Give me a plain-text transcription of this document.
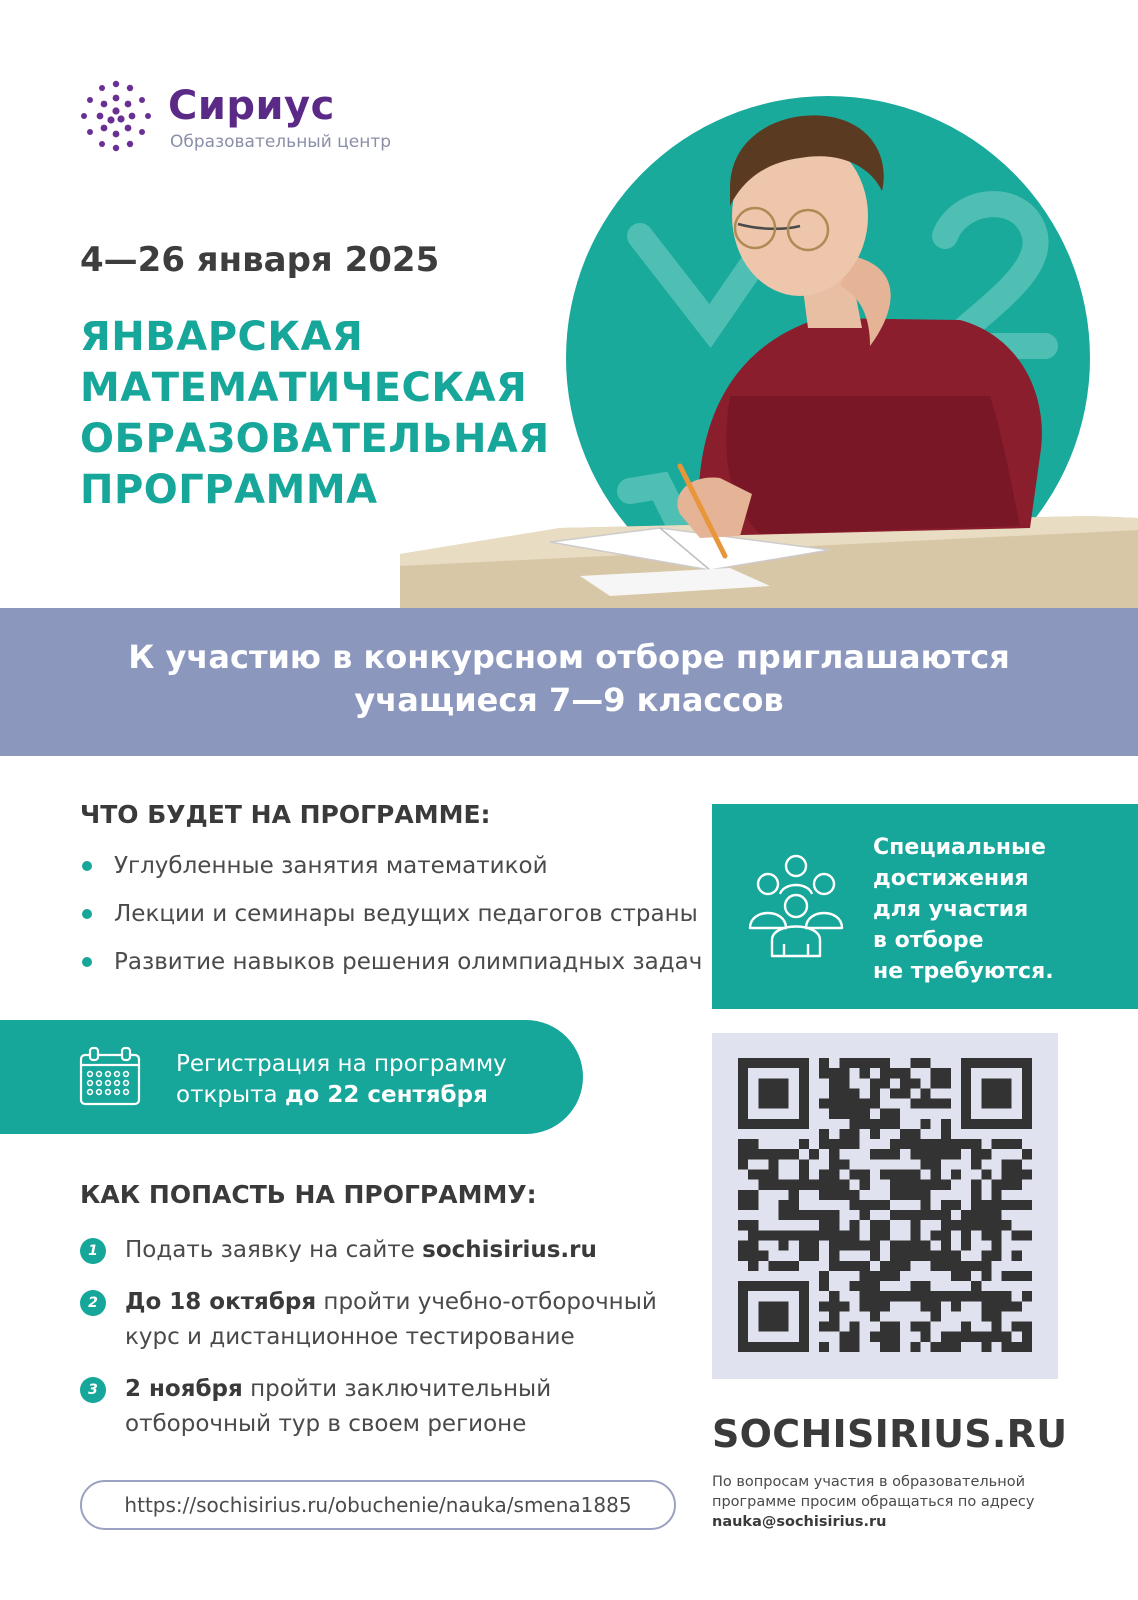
Сириус

Образовательный центр

4—26 января 2025

ЯНВАРСКАЯ
МАТЕМАТИЧЕСКАЯ
ОБРАЗОВАТЕЛЬНАЯ
ПРОГРАММА

К участию в конкурсном отборе приглашаются
учащиеся 7—9 классов

ЧТО БУДЕТ НА ПРОГРАММЕ:
Углубленные занятия математикой
Лекции и семинары ведущих педагогов страны
Развитие навыков решения олимпиадных задач

Специальные
достижения
для участия
в отборе
не требуются.

Регистрация на программу
открыта до 22 сентября

КАК ПОПАСТЬ НА ПРОГРАММУ:
1	Подать заявку на сайте sochisirius.ru
2	До 18 октября пройти учебно-отборочный
курс и дистанционное тестирование
3	2 ноября пройти заключительный
отборочный тур в своем регионе
https://sochisirius.ru/obuchenie/nauka/smena1885

SOCHISIRIUS.RU

По вопросам участия в образовательной
программе просим обращаться по адресу
nauka@sochisirius.ru
